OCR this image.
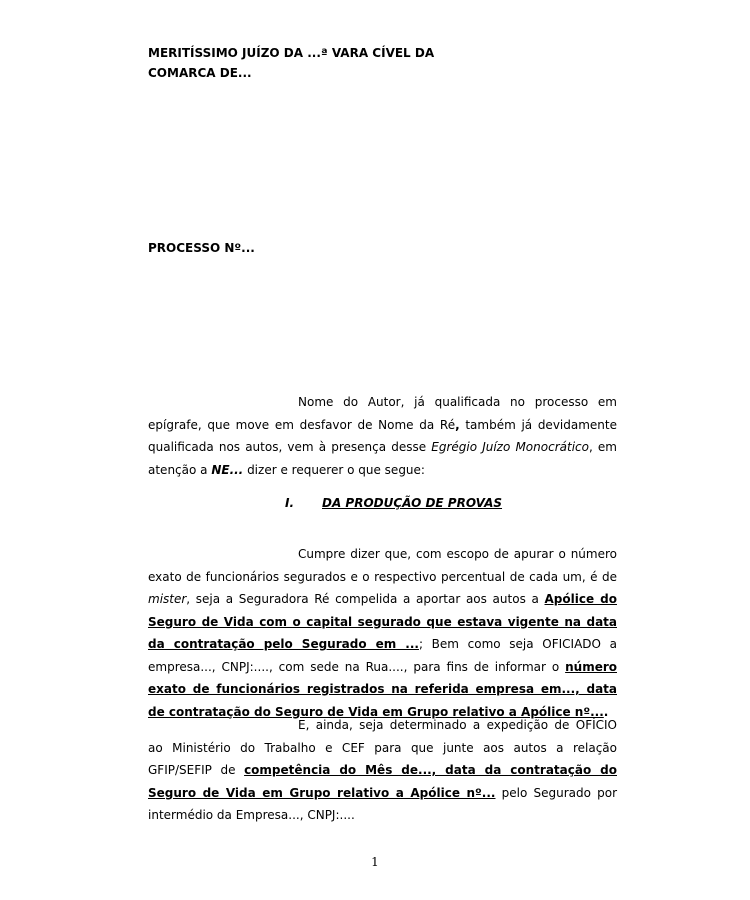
MERITÍSSIMO JUÍZO DA ...ª VARA CÍVEL DA
COMARCA DE...
PROCESSO Nº...
Nome do Autor, já qualificada no processo em epígrafe, que move em desfavor de Nome da Ré, também já devidamente qualificada nos autos, vem à presença desse Egrégio Juízo Monocrático, em atenção a NE... dizer e requerer o que segue:
I. DA PRODUÇÃO DE PROVAS
Cumpre dizer que, com escopo de apurar o número exato de funcionários segurados e o respectivo percentual de cada um, é de mister, seja a Seguradora Ré compelida a aportar aos autos a Apólice do Seguro de Vida com o capital segurado que estava vigente na data da contratação pelo Segurado em ...; Bem como seja OFICIADO a empresa..., CNPJ:...., com sede na Rua...., para fins de informar o número exato de funcionários registrados na referida empresa em..., data de contratação do Seguro de Vida em Grupo relativo a Apólice nº....
E, ainda, seja determinado a expedição de OFÍCIO ao Ministério do Trabalho e CEF para que junte aos autos a relação GFIP/SEFIP de competência do Mês de..., data da contratação do Seguro de Vida em Grupo relativo a Apólice nº... pelo Segurado por intermédio da Empresa..., CNPJ:....
1
